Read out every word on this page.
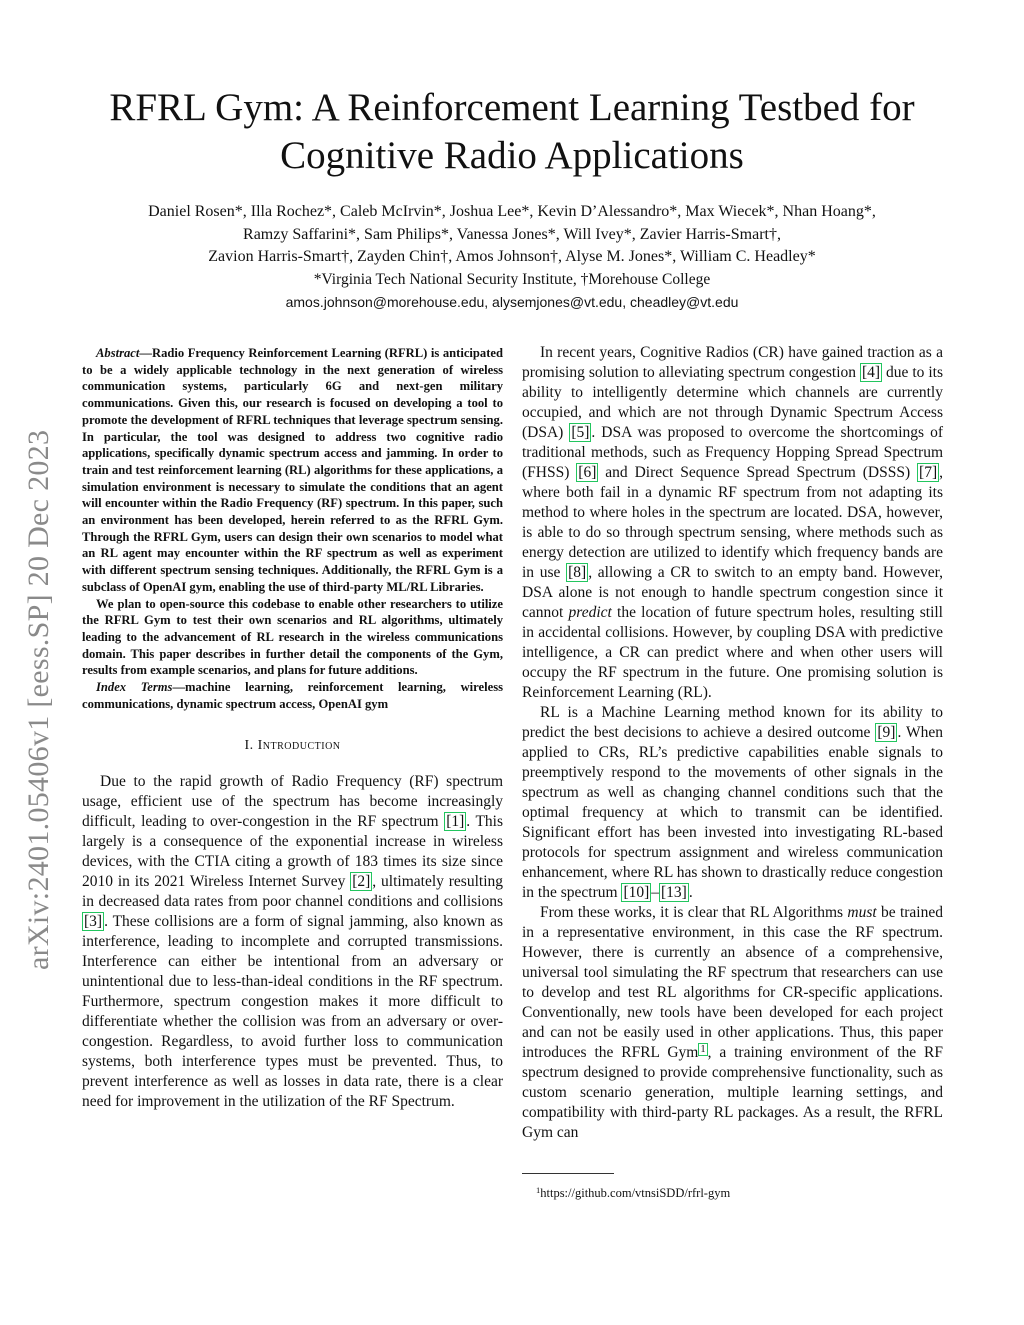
RFRL Gym: A Reinforcement Learning Testbed for
Cognitive Radio Applications
Daniel Rosen*, Illa Rochez*, Caleb McIrvin*, Joshua Lee*, Kevin D’Alessandro*, Max Wiecek*, Nhan Hoang*,
Ramzy Saffarini*, Sam Philips*, Vanessa Jones*, Will Ivey*, Zavier Harris-Smart†,
Zavion Harris-Smart†, Zayden Chin†, Amos Johnson†, Alyse M. Jones*, William C. Headley*
*Virginia Tech National Security Institute, †Morehouse College
amos.johnson@morehouse.edu, alysemjones@vt.edu, cheadley@vt.edu
arXiv:2401.05406v1 [eess.SP] 20 Dec 2023

Abstract—Radio Frequency Reinforcement Learning (RFRL) is anticipated to be a widely applicable technology in the next generation of wireless communication systems, particularly 6G and next-gen military communications. Given this, our research is focused on developing a tool to promote the development of RFRL techniques that leverage spectrum sensing. In particular, the tool was designed to address two cognitive radio applications, specifically dynamic spectrum access and jamming. In order to train and test reinforcement learning (RL) algorithms for these applications, a simulation environment is necessary to simulate the conditions that an agent will encounter within the Radio Frequency (RF) spectrum. In this paper, such an environment has been developed, herein referred to as the RFRL Gym. Through the RFRL Gym, users can design their own scenarios to model what an RL agent may encounter within the RF spectrum as well as experiment with different spectrum sensing techniques. Additionally, the RFRL Gym is a subclass of OpenAI gym, enabling the use of third-party ML/RL Libraries.

We plan to open-source this codebase to enable other researchers to utilize the RFRL Gym to test their own scenarios and RL algorithms, ultimately leading to the advancement of RL research in the wireless communications domain. This paper describes in further detail the components of the Gym, results from example scenarios, and plans for future additions.

Index Terms—machine learning, reinforcement learning, wireless communications, dynamic spectrum access, OpenAI gym

I. Introduction

Due to the rapid growth of Radio Frequency (RF) spectrum usage, efficient use of the spectrum has become increasingly difficult, leading to over-congestion in the RF spectrum [1] . This largely is a consequence of the exponential increase in wireless devices, with the CTIA citing a growth of 183 times its size since 2010 in its 2021 Wireless Internet Survey [2] , ultimately resulting in decreased data rates from poor channel conditions and collisions [3] . These collisions are a form of signal jamming, also known as interference, leading to incomplete and corrupted transmissions. Interference can either be intentional from an adversary or unintentional due to less-than-ideal conditions in the RF spectrum. Furthermore, spectrum congestion makes it more difficult to differentiate whether the collision was from an adversary or over-congestion. Regardless, to avoid further loss to communication systems, both interference types must be prevented. Thus, to prevent interference as well as losses in data rate, there is a clear need for improvement in the utilization of the RF Spectrum.

In recent years, Cognitive Radios (CR) have gained traction as a promising solution to alleviating spectrum congestion [4] due to its ability to intelligently determine which channels are currently occupied, and which are not through Dynamic Spectrum Access (DSA) [5] . DSA was proposed to overcome the shortcomings of traditional methods, such as Frequency Hopping Spread Spectrum (FHSS) [6] and Direct Sequence Spread Spectrum (DSSS) [7] , where both fail in a dynamic RF spectrum from not adapting its method to where holes in the spectrum are located. DSA, however, is able to do so through spectrum sensing, where methods such as energy detection are utilized to identify which frequency bands are in use [8] , allowing a CR to switch to an empty band. However, DSA alone is not enough to handle spectrum congestion since it cannot predict the location of future spectrum holes, resulting still in accidental collisions. However, by coupling DSA with predictive intelligence, a CR can predict where and when other users will occupy the RF spectrum in the future. One promising solution is Reinforcement Learning (RL).

RL is a Machine Learning method known for its ability to predict the best decisions to achieve a desired outcome [9] . When applied to CRs, RL’s predictive capabilities enable signals to preemptively respond to the movements of other signals in the spectrum as well as changing channel conditions such that the optimal frequency at which to transmit can be identified. Significant effort has been invested into investigating RL-based protocols for spectrum assignment and wireless communication enhancement, where RL has shown to drastically reduce congestion in the spectrum [10] – [13] .

From these works, it is clear that RL Algorithms must be trained in a representative environment, in this case the RF spectrum. However, there is currently an absence of a comprehensive, universal tool simulating the RF spectrum that researchers can use to develop and test RL algorithms for CR-specific applications. Conventionally, new tools have been developed for each project and can not be easily used in other applications. Thus, this paper introduces the RFRL Gym $^1$ , a training environment of the RF spectrum designed to provide comprehensive functionality, such as custom scenario generation, multiple learning settings, and compatibility with third-party RL packages. As a result, the RFRL Gym can

$^1$https://github.com/vtnsiSDD/rfrl-gym
